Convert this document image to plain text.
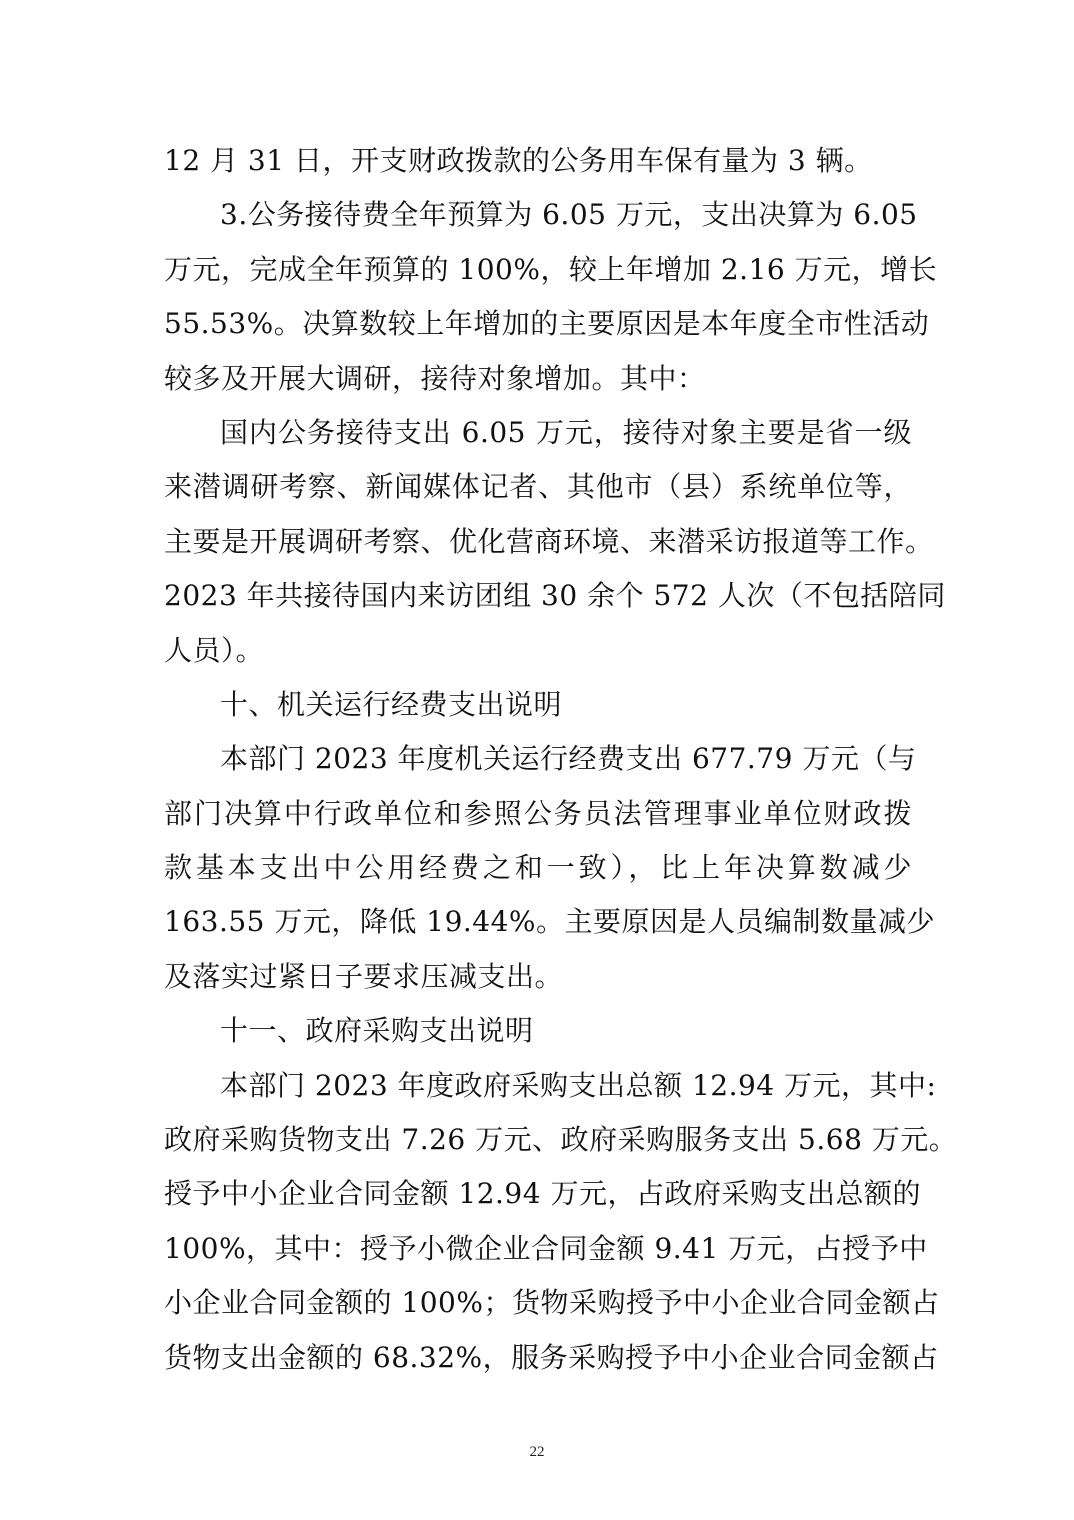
12 月 31 日，开支财政拨款的公务用车保有量为 3 辆。
3.公务接待费全年预算为 6.05 万元，支出决算为 6.05
万元，完成全年预算的 100%，较上年增加 2.16 万元，增长
55.53%。决算数较上年增加的主要原因是本年度全市性活动
较多及开展大调研，接待对象增加。其中：
国内公务接待支出 6.05 万元，接待对象主要是省一级
来潜调研考察、新闻媒体记者、其他市（县）系统单位等，
主要是开展调研考察、优化营商环境、来潜采访报道等工作。
2023 年共接待国内来访团组 30 余个 572 人次（不包括陪同
人员）。
十、机关运行经费支出说明
本部门 2023 年度机关运行经费支出 677.79 万元（与
部门决算中行政单位和参照公务员法管理事业单位财政拨
款基本支出中公用经费之和一致），比上年决算数减少
163.55 万元，降低 19.44%。主要原因是人员编制数量减少
及落实过紧日子要求压减支出。
十一、政府采购支出说明
本部门 2023 年度政府采购支出总额 12.94 万元，其中:
政府采购货物支出 7.26 万元、政府采购服务支出 5.68 万元。
授予中小企业合同金额 12.94 万元，占政府采购支出总额的
100%，其中：授予小微企业合同金额 9.41 万元，占授予中
小企业合同金额的 100%；货物采购授予中小企业合同金额占
货物支出金额的 68.32%，服务采购授予中小企业合同金额占
22
